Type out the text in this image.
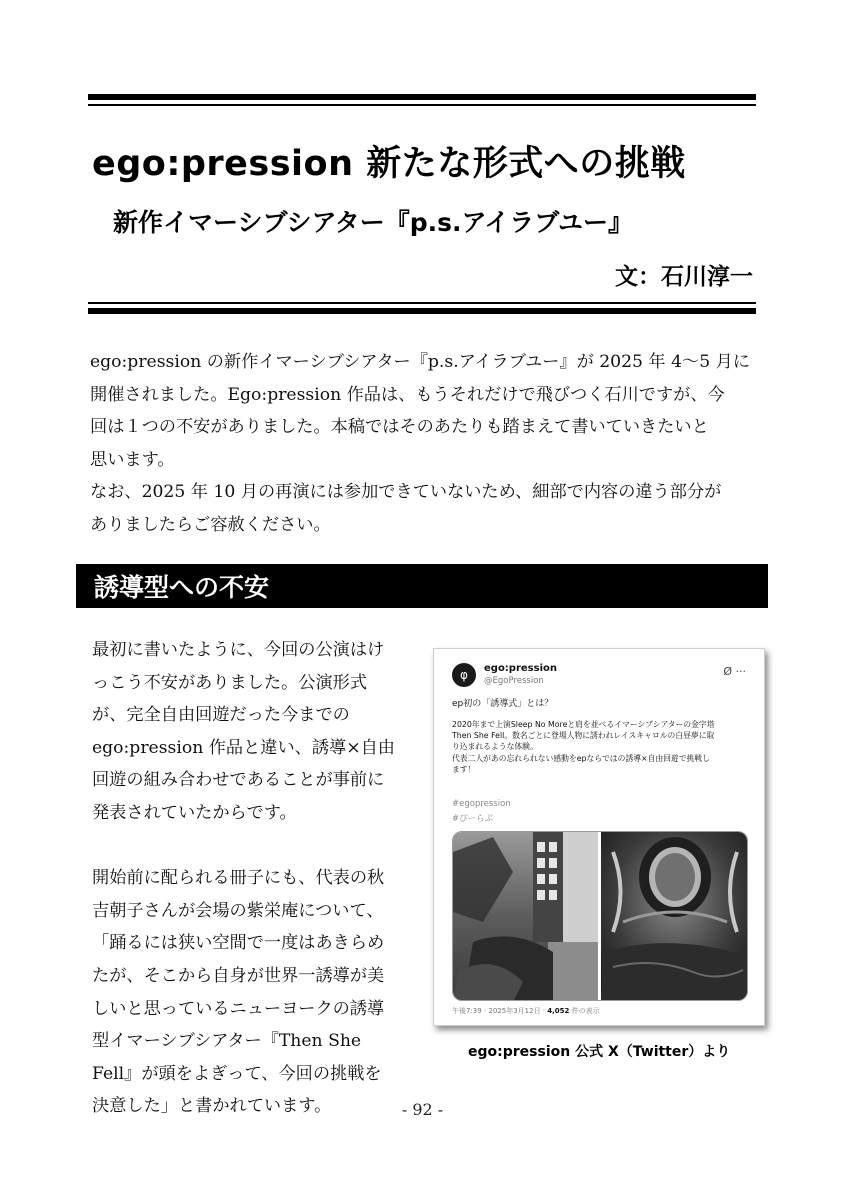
ego:pression 新たな形式への挑戦
新作イマーシブシアター『p.s.アイラブユー』
文：石川淳一

ego:pression の新作イマーシブシアター『p.s.アイラブユー』が 2025 年 4〜5 月に

開催されました。Ego:pression 作品は、もうそれだけで飛びつく石川ですが、今

回は１つの不安がありました。本稿ではそのあたりも踏まえて書いていきたいと

思います。

なお、2025 年 10 月の再演には参加できていないため、細部で内容の違う部分が

ありましたらご容赦ください。

誘導型への不安

最初に書いたように、今回の公演はけ

っこう不安がありました。公演形式

が、完全自由回遊だった今までの

ego:pression 作品と違い、誘導×自由

回遊の組み合わせであることが事前に

発表されていたからです。

開始前に配られる冊子にも、代表の秋

吉朝子さんが会場の紫栄庵について、

「踊るには狭い空間で一度はあきらめ

たが、そこから自身が世界一誘導が美

しいと思っているニューヨークの誘導

型イマーシブシアター『Then She

Fell』が頭をよぎって、今回の挑戦を

決意した」と書かれています。

φ	ego:pression
@EgoPression
Ø ···
ep初の「誘導式」とは？

2020年まで上演Sleep No Moreと肩を並べるイマーシブシアターの金字塔

Then She Fell。数名ごとに登場人物に誘われレイスキャロルの白昼夢に取

り込まれるような体験。

代表二人があの忘れられない感動をepならではの誘導×自由回遊で挑戦し

ます！

#egopression
#ぴーらぶ
午後7:39 · 2025年3月12日 · 4,052 件の表示
ego:pression 公式 X（Twitter）より
- 92 -
